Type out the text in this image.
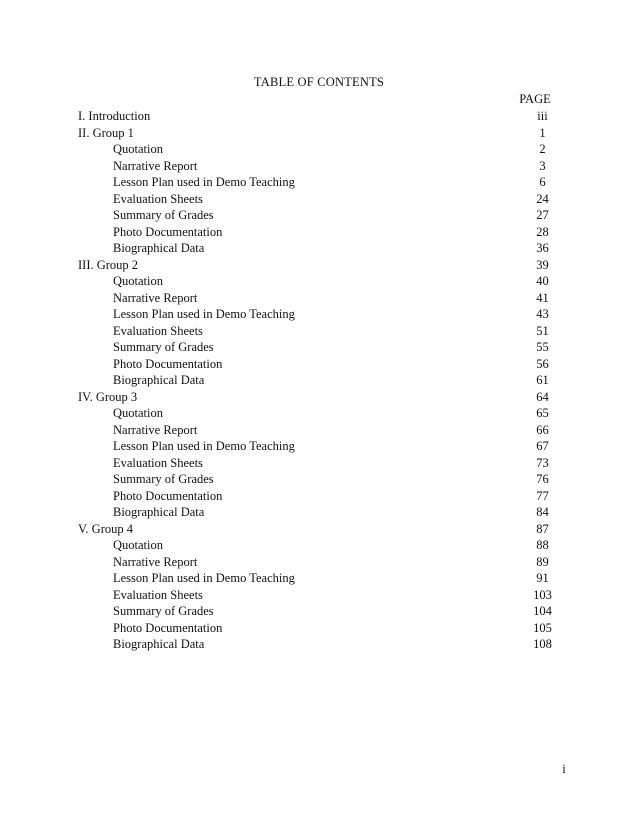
TABLE OF CONTENTS
PAGE
I. Introduction	iii
II. Group 1	1
Quotation	2
Narrative Report	3
Lesson Plan used in Demo Teaching	6
Evaluation Sheets	24
Summary of Grades	27
Photo Documentation	28
Biographical Data	36
III. Group 2	39
Quotation	40
Narrative Report	41
Lesson Plan used in Demo Teaching	43
Evaluation Sheets	51
Summary of Grades	55
Photo Documentation	56
Biographical Data	61
IV. Group 3	64
Quotation	65
Narrative Report	66
Lesson Plan used in Demo Teaching	67
Evaluation Sheets	73
Summary of Grades	76
Photo Documentation	77
Biographical Data	84
V. Group 4	87
Quotation	88
Narrative Report	89
Lesson Plan used in Demo Teaching	91
Evaluation Sheets	103
Summary of Grades	104
Photo Documentation	105
Biographical Data	108
i
